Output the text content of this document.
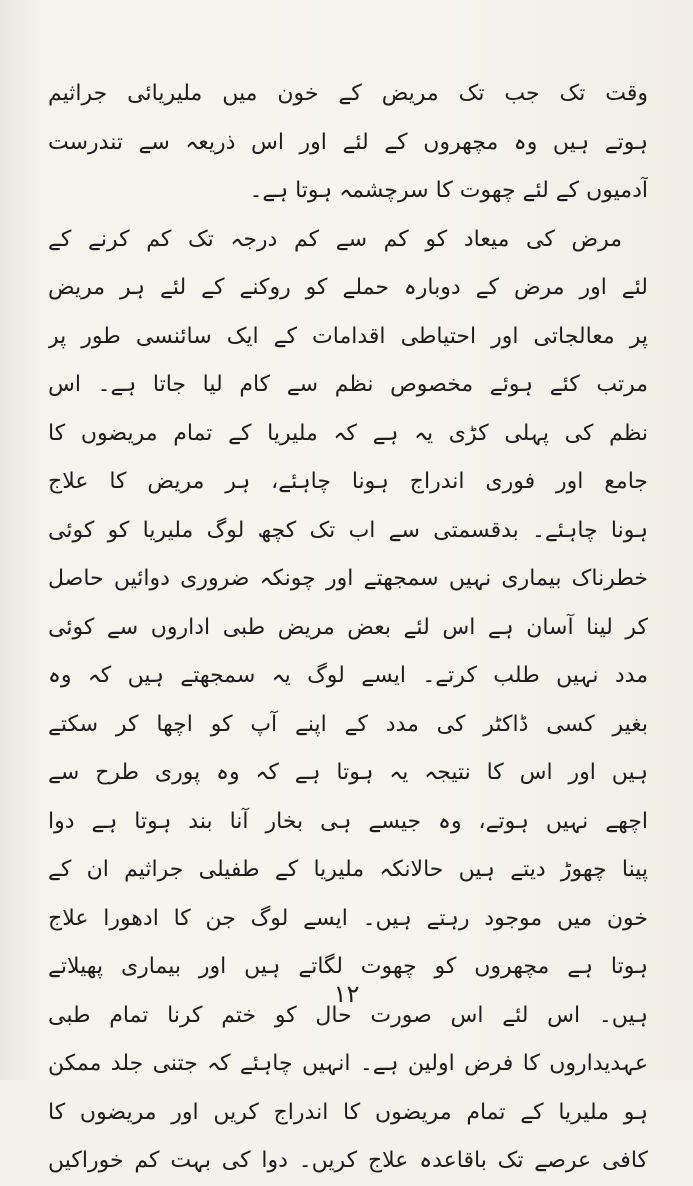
وقت تک جب تک مریض کے خون میں ملیریائی جراثیم
ہوتے ہیں وہ مچھروں کے لئے اور اس ذریعہ سے تندرست
آدمیوں کے لئے چھوت کا سرچشمہ ہوتا ہے۔
مرض کی میعاد کو کم سے کم درجہ تک کم کرنے کے
لئے اور مرض کے دوبارہ حملے کو روکنے کے لئے ہر مریض
پر معالجاتی اور احتیاطی اقدامات کے ایک سائنسی طور پر
مرتب کئے ہوئے مخصوص نظم سے کام لیا جاتا ہے۔ اس
نظم کی پہلی کڑی یہ ہے کہ ملیریا کے تمام مریضوں کا
جامع اور فوری اندراج ہونا چاہئے، ہر مریض کا علاج
ہونا چاہئے۔ بدقسمتی سے اب تک کچھ لوگ ملیریا کو کوئی
خطرناک بیماری نہیں سمجھتے اور چونکہ ضروری دوائیں حاصل
کر لینا آسان ہے اس لئے بعض مریض طبی اداروں سے کوئی
مدد نہیں طلب کرتے۔ ایسے لوگ یہ سمجھتے ہیں کہ وہ
بغیر کسی ڈاکٹر کی مدد کے اپنے آپ کو اچھا کر سکتے
ہیں اور اس کا نتیجہ یہ ہوتا ہے کہ وہ پوری طرح سے
اچھے نہیں ہوتے، وہ جیسے ہی بخار آنا بند ہوتا ہے دوا
پینا چھوڑ دیتے ہیں حالانکہ ملیریا کے طفیلی جراثیم ان کے
خون میں موجود رہتے ہیں۔ ایسے لوگ جن کا ادھورا علاج
ہوتا ہے مچھروں کو چھوت لگاتے ہیں اور بیماری پھیلاتے
ہیں۔ اس لئے اس صورت حال کو ختم کرنا تمام طبی
عہدیداروں کا فرض اولین ہے۔ انہیں چاہئے کہ جتنی جلد ممکن
ہو ملیریا کے تمام مریضوں کا اندراج کریں اور مریضوں کا
کافی عرصے تک باقاعدہ علاج کریں۔ دوا کی بہت کم خوراکیں
۱۲
